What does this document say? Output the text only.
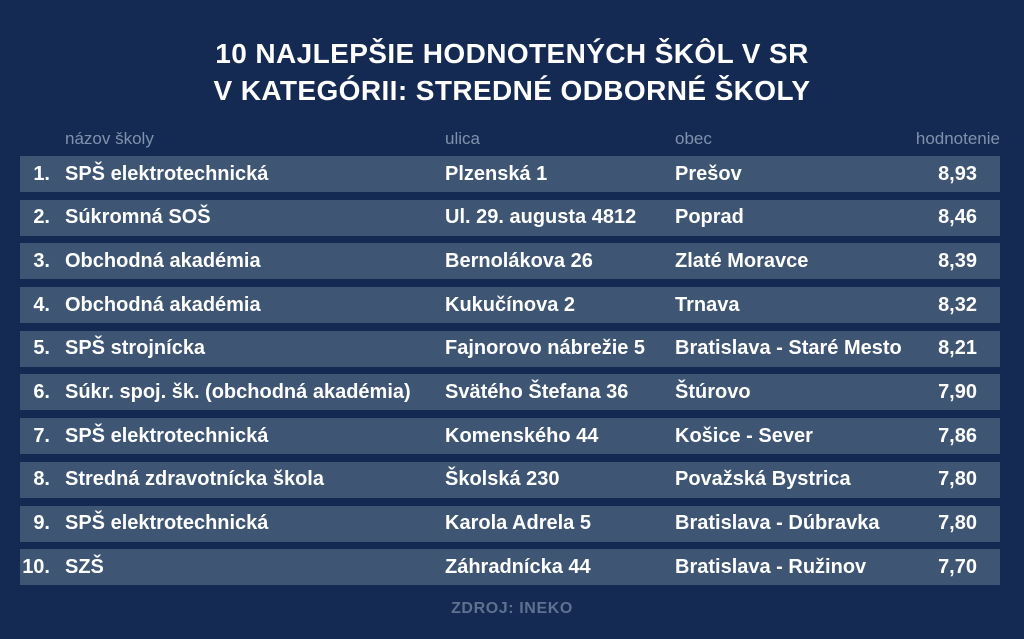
10 NAJLEPŠIE HODNOTENÝCH ŠKÔL V SR
V KATEGÓRII: STREDNÉ ODBORNÉ ŠKOLY
názov školy	ulica	obec	hodnotenie
1. SPŠ elektrotechnická	Plzenská 1	Prešov	8,93
2. Súkromná SOŠ	Ul. 29. augusta 4812	Poprad	8,46
3. Obchodná akadémia	Bernolákova 26	Zlaté Moravce	8,39
4. Obchodná akadémia	Kukučínova 2	Trnava	8,32
5. SPŠ strojnícka	Fajnorovo nábrežie 5	Bratislava - Staré Mesto	8,21
6. Súkr. spoj. šk. (obchodná akadémia)	Svätého Štefana 36	Štúrovo	7,90
7. SPŠ elektrotechnická	Komenského 44	Košice - Sever	7,86
8. Stredná zdravotnícka škola	Školská 230	Považská Bystrica	7,80
9. SPŠ elektrotechnická	Karola Adrela 5	Bratislava - Dúbravka	7,80
10. SZŠ	Záhradnícka 44	Bratislava - Ružinov	7,70
ZDROJ: INEKO
